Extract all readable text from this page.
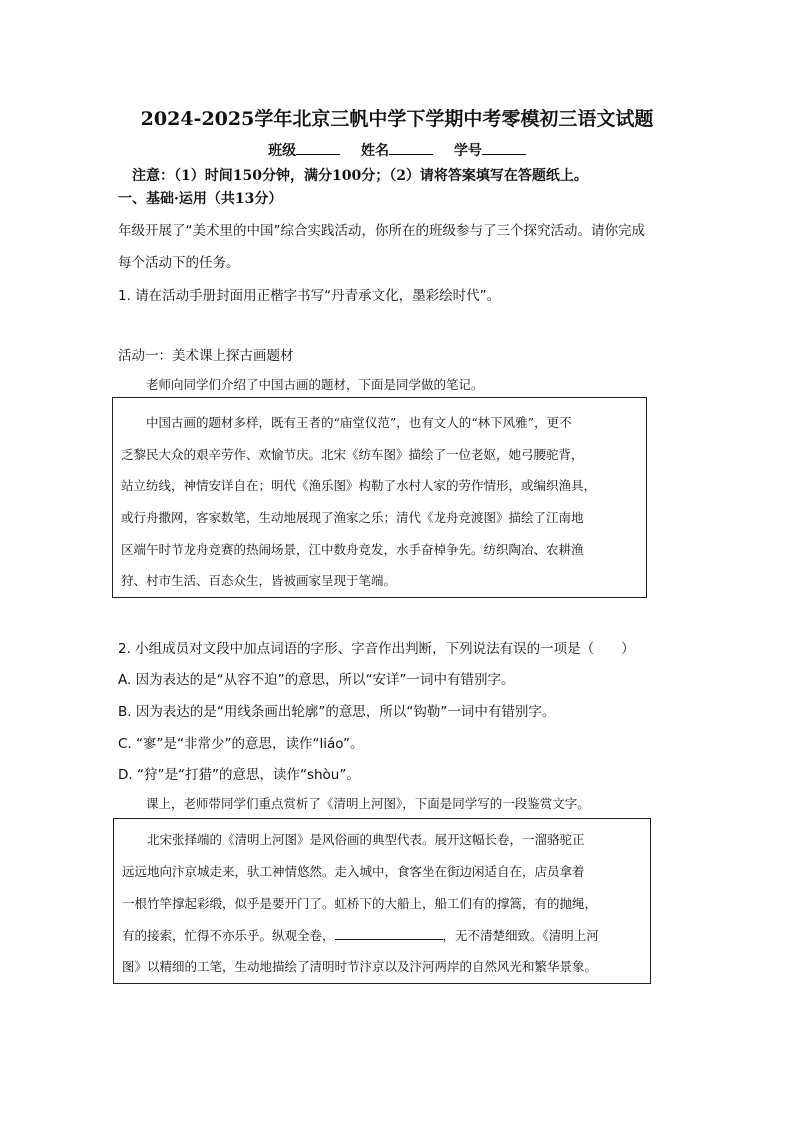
2024-2025学年北京三帆中学下学期中考零模初三语文试题
班级	姓名	学号
注意：（1）时间150分钟，满分100分；（2）请将答案填写在答题纸上。
一、基础·运用（共13分）
年级开展了“美术里的中国”综合实践活动，你所在的班级参与了三个探究活动。请你完成
每个活动下的任务。
1. 请在活动手册封面用正楷字书写“丹青承文化，墨彩绘时代”。
活动一：美术课上探古画题材
老师向同学们介绍了中国古画的题材，下面是同学做的笔记。

　　中国古画的题材多样，既有王者的“庙堂仪范”，也有文人的“林下风雅”，更不

乏黎民大众的艰辛劳作、欢愉节庆。北宋《纺车图》描绘了一位老妪，她弓腰驼背，

站立纺线，神情安详自在；明代《渔乐图》构勒了水村人家的劳作情形，或编织渔具，

或行舟撒网，客家数笔，生动地展现了渔家之乐；清代《龙舟竞渡图》描绘了江南地

区端午时节龙舟竞赛的热闹场景，江中数舟竞发，水手奋棹争先。纺织陶冶、农耕渔

狩、村市生活、百态众生，皆被画家呈现于笔端。

2. 小组成员对文段中加点词语的字形、字音作出判断，下列说法有误的一项是（　　）
A. 因为表达的是“从容不迫”的意思，所以“安详”一词中有错别字。
B. 因为表达的是“用线条画出轮廓”的意思，所以“钩勒”一词中有错别字。
C. “寥”是“非常少”的意思，读作“liáo”。
D. “狩”是“打猎”的意思，读作“shòu”。
课上，老师带同学们重点赏析了《清明上河图》，下面是同学写的一段鉴赏文字。

　　北宋张择端的《清明上河图》是风俗画的典型代表。展开这幅长卷，一溜骆驼正

远远地向汴京城走来，驮工神情悠然。走入城中，食客坐在街边闲适自在，店员拿着

一根竹竿撑起彩缎，似乎是要开门了。虹桥下的大船上，船工们有的撑篙，有的抛绳，

有的接索，忙得不亦乐乎。纵观全卷，	，无不清楚细致。《清明上河

图》以精细的工笔，生动地描绘了清明时节汴京以及汴河两岸的自然风光和繁华景象。
